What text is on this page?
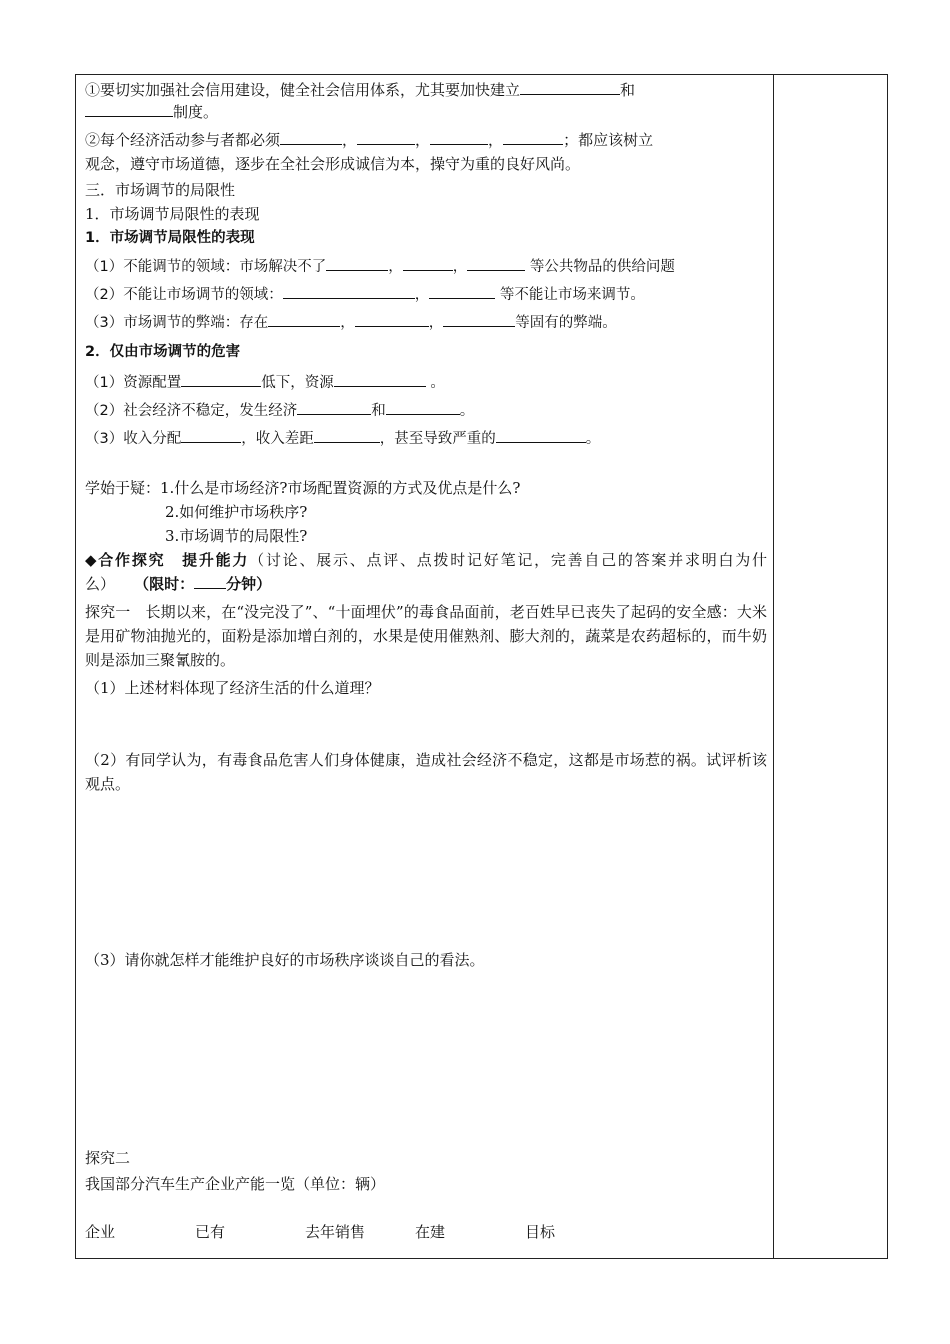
①要切实加强社会信用建设，健全社会信用体系，尤其要加快建立	和
制度。
②每个经济活动参与者都必须	，	，	，	；都应该树立
观念，遵守市场道德，逐步在全社会形成诚信为本，操守为重的良好风尚。
三．市场调节的局限性
1．市场调节局限性的表现
1．市场调节局限性的表现
（1）不能调节的领域：市场解决不了	，	，	等公共物品的供给问题
（2）不能让市场调节的领域：	，	等不能让市场来调节。
（3）市场调节的弊端：存在	，	，	等固有的弊端。
2．仅由市场调节的危害
（1）资源配置	低下，资源	。
（2）社会经济不稳定，发生经济	和	。
（3）收入分配	，收入差距	，甚至导致严重的	。
学始于疑：1.什么是市场经济?市场配置资源的方式及优点是什么?
2.如何维护市场秩序?
3.市场调节的局限性?
◆合作探究　提升能力（讨论、展示、点评、点拨时记好笔记，完善自己的答案并求明白为什么） （限时： 分钟）
探究一　长期以来，在“没完没了”、“十面埋伏”的毒食品面前，老百姓早已丧失了起码的安全感：大米是用矿物油抛光的，面粉是添加增白剂的，水果是使用催熟剂、膨大剂的，蔬菜是农药超标的，而牛奶则是添加三聚氰胺的。
（1）上述材料体现了经济生活的什么道理？
（2）有同学认为，有毒食品危害人们身体健康，造成社会经济不稳定，这都是市场惹的祸。试评析该观点。
（3）请你就怎样才能维护良好的市场秩序谈谈自己的看法。
探究二
我国部分汽车生产企业产能一览（单位：辆）
企业	已有	去年销售	在建	目标
